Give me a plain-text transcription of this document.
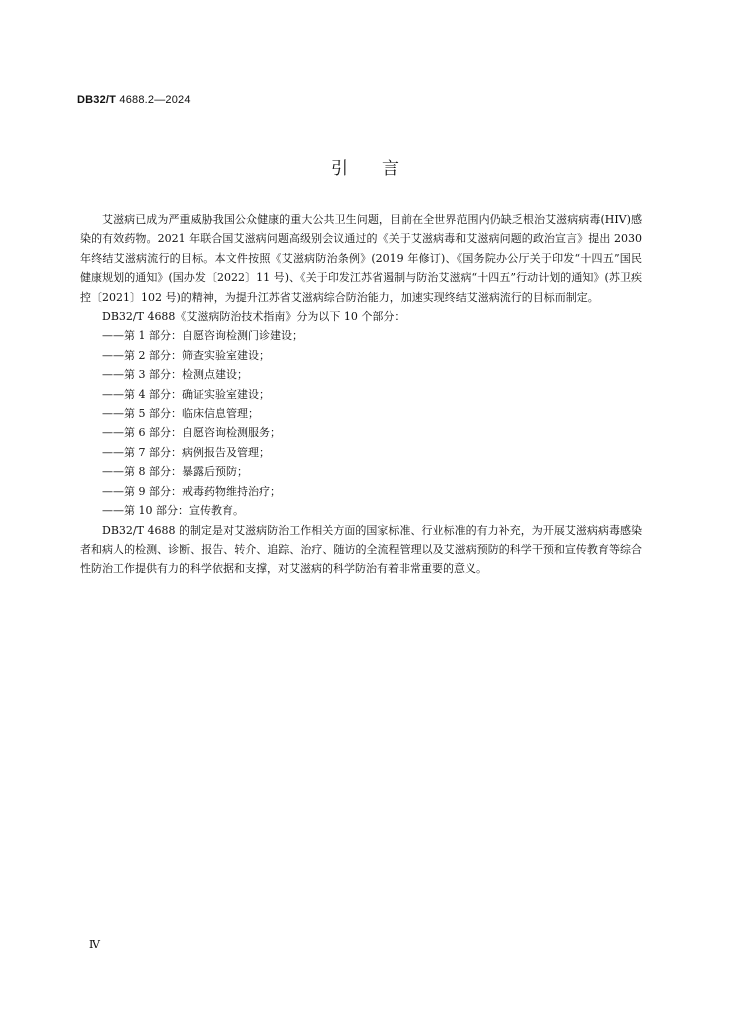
DB32/T 4688.2—2024
引言

艾滋病已成为严重威胁我国公众健康的重大公共卫生问题，目前在全世界范围内仍缺乏根治艾滋病病毒(HIV)感染的有效药物。2021 年联合国艾滋病问题高级别会议通过的《关于艾滋病毒和艾滋病问题的政治宣言》提出 2030 年终结艾滋病流行的目标。本文件按照《艾滋病防治条例》(2019 年修订)、《国务院办公厅关于印发“十四五”国民健康规划的通知》(国办发〔2022〕11 号)、《关于印发江苏省遏制与防治艾滋病“十四五”行动计划的通知》(苏卫疾控〔2021〕102 号)的精神，为提升江苏省艾滋病综合防治能力，加速实现终结艾滋病流行的目标而制定。

DB32/T 4688《艾滋病防治技术指南》分为以下 10 个部分：

——第 1 部分：自愿咨询检测门诊建设；
——第 2 部分：筛查实验室建设；
——第 3 部分：检测点建设；
——第 4 部分：确证实验室建设；
——第 5 部分：临床信息管理；
——第 6 部分：自愿咨询检测服务；
——第 7 部分：病例报告及管理；
——第 8 部分：暴露后预防；
——第 9 部分：戒毒药物维持治疗；
——第 10 部分：宣传教育。

DB32/T 4688 的制定是对艾滋病防治工作相关方面的国家标准、行业标准的有力补充，为开展艾滋病病毒感染者和病人的检测、诊断、报告、转介、追踪、治疗、随访的全流程管理以及艾滋病预防的科学干预和宣传教育等综合性防治工作提供有力的科学依据和支撑，对艾滋病的科学防治有着非常重要的意义。

Ⅳ
